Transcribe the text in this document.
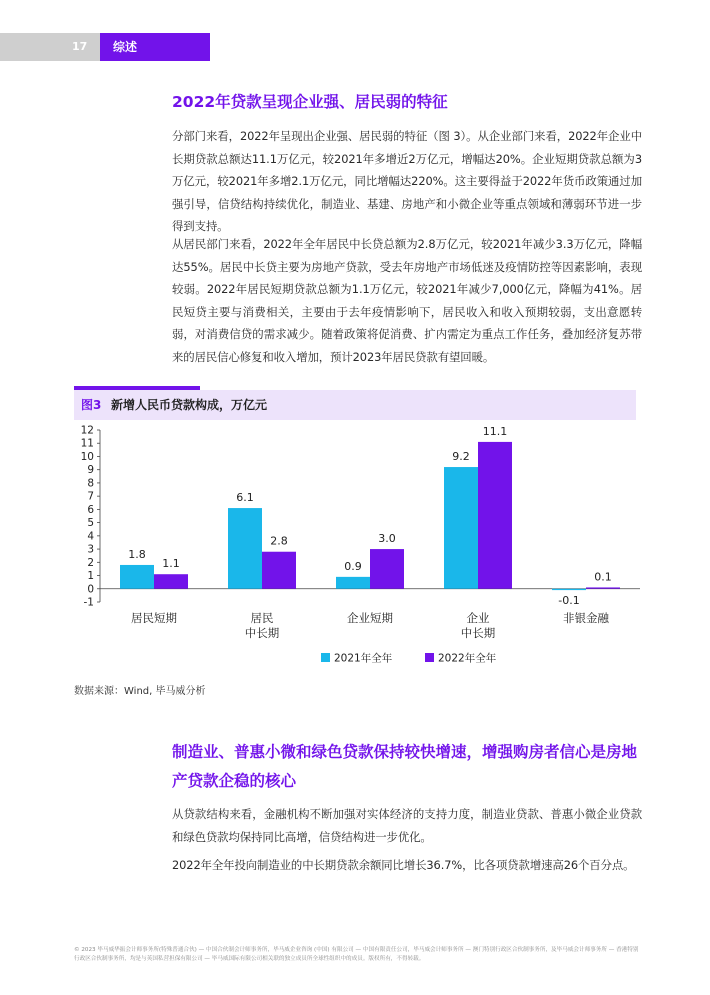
17	综述
2022年贷款呈现企业强、居民弱的特征
分部门来看，2022年呈现出企业强、居民弱的特征（图 3）。从企业部门来看，2022年企业中长期贷款总额达11.1万亿元，较2021年多增近2万亿元，增幅达20%。企业短期贷款总额为3万亿元，较2021年多增2.1万亿元，同比增幅达220%。这主要得益于2022年货币政策通过加强引导，信贷结构持续优化，制造业、基建、房地产和小微企业等重点领域和薄弱环节进一步得到支持。
从居民部门来看，2022年全年居民中长贷总额为2.8万亿元，较2021年减少3.3万亿元，降幅达55%。居民中长贷主要为房地产贷款，受去年房地产市场低迷及疫情防控等因素影响，表现较弱。2022年居民短期贷款总额为1.1万亿元，较2021年减少7,000亿元，降幅为41%。居民短贷主要与消费相关，主要由于去年疫情影响下，居民收入和收入预期较弱，支出意愿转弱，对消费信贷的需求减少。随着政策将促消费、扩内需定为重点工作任务，叠加经济复苏带来的居民信心修复和收入增加，预计2023年居民贷款有望回暖。
图3 新增人民币贷款构成，万亿元
-1
0
1
2
3
4
5
6
7
8
9
10
11
12
1.8
1.1
居民短期
6.1
2.8
居民
中长期
0.9
3.0
企业短期
9.2
11.1
企业
中长期
-0.1
0.1
非银金融
2021年全年	2022年全年
数据来源：Wind, 毕马威分析
制造业、普惠小微和绿色贷款保持较快增速，增强购房者信心是房地产贷款企稳的核心
从贷款结构来看，金融机构不断加强对实体经济的支持力度，制造业贷款、普惠小微企业贷款和绿色贷款均保持同比高增，信贷结构进一步优化。
2022年全年投向制造业的中长期贷款余额同比增长36.7%，比各项贷款增速高26个百分点。
© 2023 毕马威华振会计师事务所(特殊普通合伙) — 中国合伙制会计师事务所，毕马威企业咨询 (中国) 有限公司 — 中国有限责任公司，毕马威会计师事务所 — 澳门特别行政区合伙制事务所，及毕马威会计师事务所 — 香港特别行政区合伙制事务所，均是与英国私营担保有限公司 — 毕马威国际有限公司相关联的独立成员所全球性组织中的成员。版权所有，不得转载。
